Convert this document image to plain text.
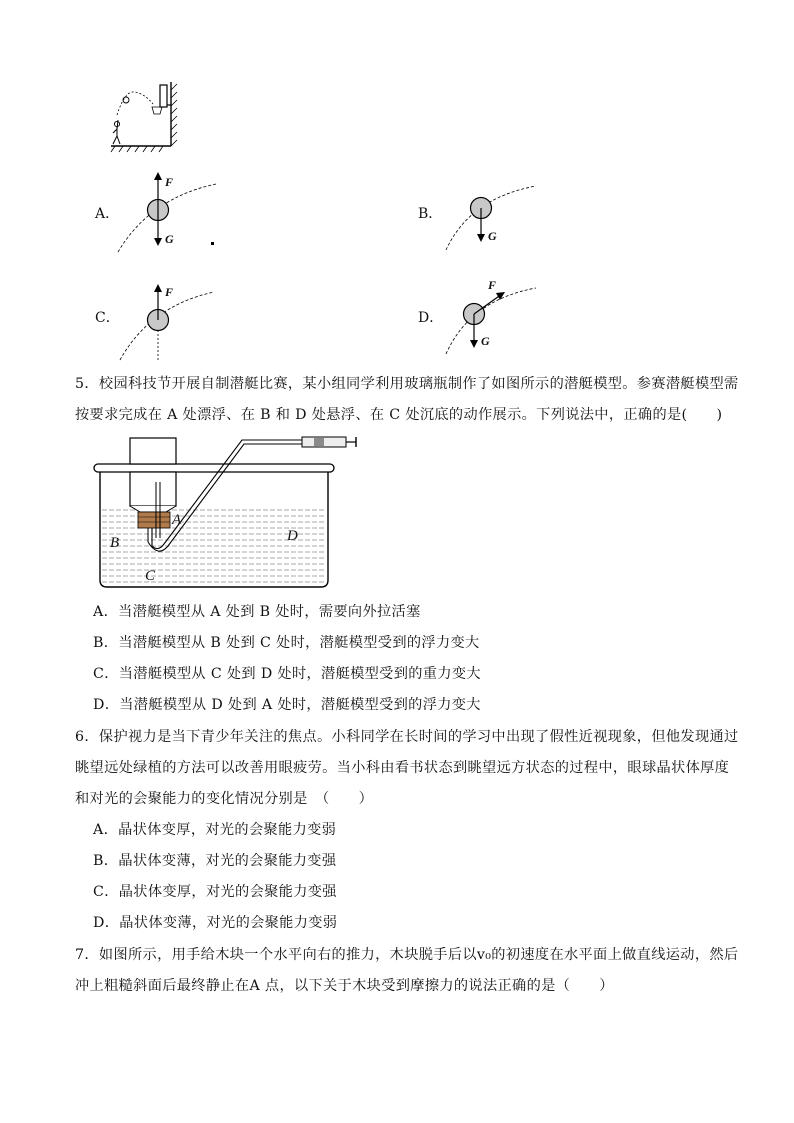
A．
F
G
B．
G
C．
F
D．
F
G
5．校园科技节开展自制潜艇比赛，某小组同学利用玻璃瓶制作了如图所示的潜艇模型。参赛潜艇模型需
按要求完成在 A 处漂浮、在 B 和 D 处悬浮、在 C 处沉底的动作展示。下列说法中，正确的是(　　)
A
B
C
D
A．当潜艇模型从 A 处到 B 处时，需要向外拉活塞
B．当潜艇模型从 B 处到 C 处时，潜艇模型受到的浮力变大
C．当潜艇模型从 C 处到 D 处时，潜艇模型受到的重力变大
D．当潜艇模型从 D 处到 A 处时，潜艇模型受到的浮力变大
6．保护视力是当下青少年关注的焦点。小科同学在长时间的学习中出现了假性近视现象，但他发现通过
眺望远处绿植的方法可以改善用眼疲劳。当小科由看书状态到眺望远方状态的过程中，眼球晶状体厚度
和对光的会聚能力的变化情况分别是　（　　）
A．晶状体变厚，对光的会聚能力变弱
B．晶状体变薄，对光的会聚能力变强
C．晶状体变厚，对光的会聚能力变强
D．晶状体变薄，对光的会聚能力变弱
7．如图所示，用手给木块一个水平向右的推力，木块脱手后以v₀的初速度在水平面上做直线运动，然后
冲上粗糙斜面后最终静止在A 点，以下关于木块受到摩擦力的说法正确的是（　　）
